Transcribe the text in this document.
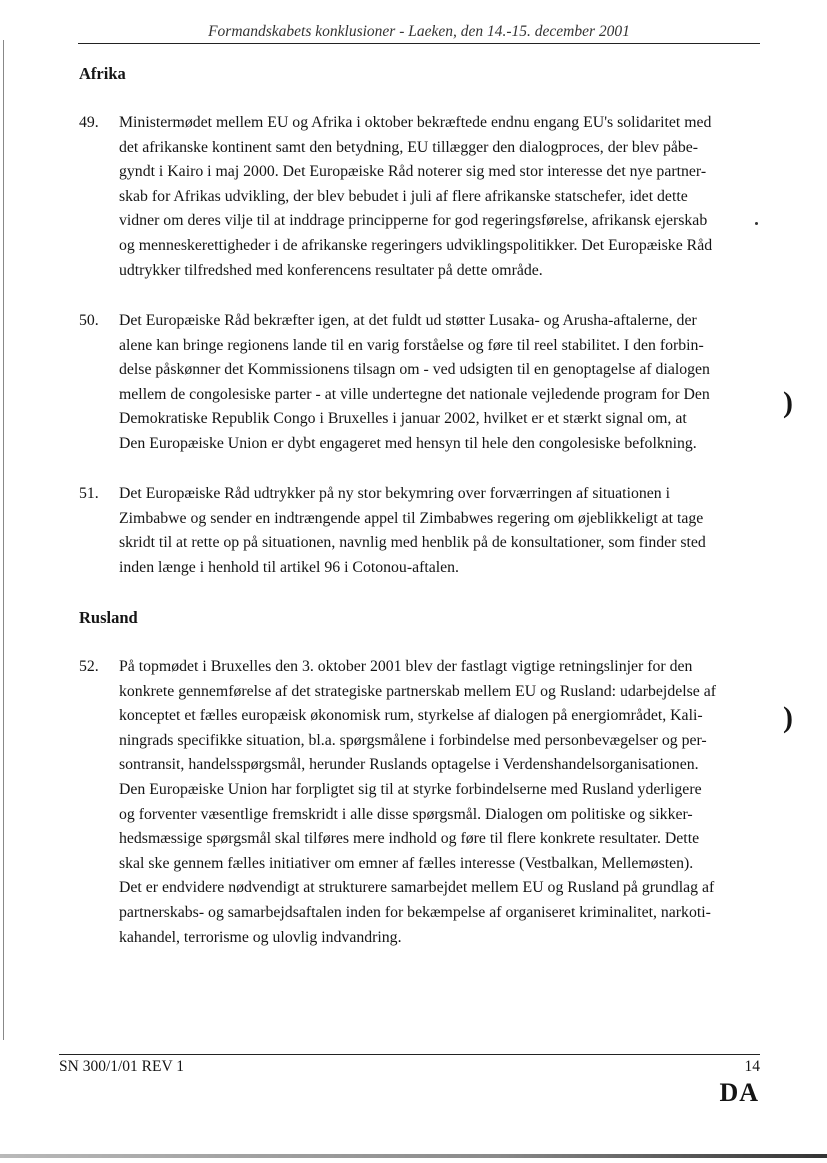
Formandskabets konklusioner - Laeken, den 14.-15. december 2001
Afrika
49. Ministermødet mellem EU og Afrika i oktober bekræftede endnu engang EU's solidaritet med
det afrikanske kontinent samt den betydning, EU tillægger den dialogproces, der blev påbe-
gyndt i Kairo i maj 2000. Det Europæiske Råd noterer sig med stor interesse det nye partner-
skab for Afrikas udvikling, der blev bebudet i juli af flere afrikanske statschefer, idet dette
vidner om deres vilje til at inddrage principperne for god regeringsførelse, afrikansk ejerskab
og menneskerettigheder i de afrikanske regeringers udviklingspolitikker. Det Europæiske Råd
udtrykker tilfredshed med konferencens resultater på dette område.
50. Det Europæiske Råd bekræfter igen, at det fuldt ud støtter Lusaka- og Arusha-aftalerne, der
alene kan bringe regionens lande til en varig forståelse og føre til reel stabilitet. I den forbin-
delse påskønner det Kommissionens tilsagn om - ved udsigten til en genoptagelse af dialogen
mellem de congolesiske parter - at ville undertegne det nationale vejledende program for Den
Demokratiske Republik Congo i Bruxelles i januar 2002, hvilket er et stærkt signal om, at
Den Europæiske Union er dybt engageret med hensyn til hele den congolesiske befolkning.
51. Det Europæiske Råd udtrykker på ny stor bekymring over forværringen af situationen i
Zimbabwe og sender en indtrængende appel til Zimbabwes regering om øjeblikkeligt at tage
skridt til at rette op på situationen, navnlig med henblik på de konsultationer, som finder sted
inden længe i henhold til artikel 96 i Cotonou-aftalen.
Rusland
52. På topmødet i Bruxelles den 3. oktober 2001 blev der fastlagt vigtige retningslinjer for den
konkrete gennemførelse af det strategiske partnerskab mellem EU og Rusland: udarbejdelse af
konceptet et fælles europæisk økonomisk rum, styrkelse af dialogen på energiområdet, Kali-
ningrads specifikke situation, bl.a. spørgsmålene i forbindelse med personbevægelser og per-
sontransit, handelsspørgsmål, herunder Ruslands optagelse i Verdenshandelsorganisationen.
Den Europæiske Union har forpligtet sig til at styrke forbindelserne med Rusland yderligere
og forventer væsentlige fremskridt i alle disse spørgsmål. Dialogen om politiske og sikker-
hedsmæssige spørgsmål skal tilføres mere indhold og føre til flere konkrete resultater. Dette
skal ske gennem fælles initiativer om emner af fælles interesse (Vestbalkan, Mellemøsten).
Det er endvidere nødvendigt at strukturere samarbejdet mellem EU og Rusland på grundlag af
partnerskabs- og samarbejdsaftalen inden for bekæmpelse af organiseret kriminalitet, narkoti-
kahandel, terrorisme og ulovlig indvandring.
)
)
SN 300/1/01 REV 1	14
DA
